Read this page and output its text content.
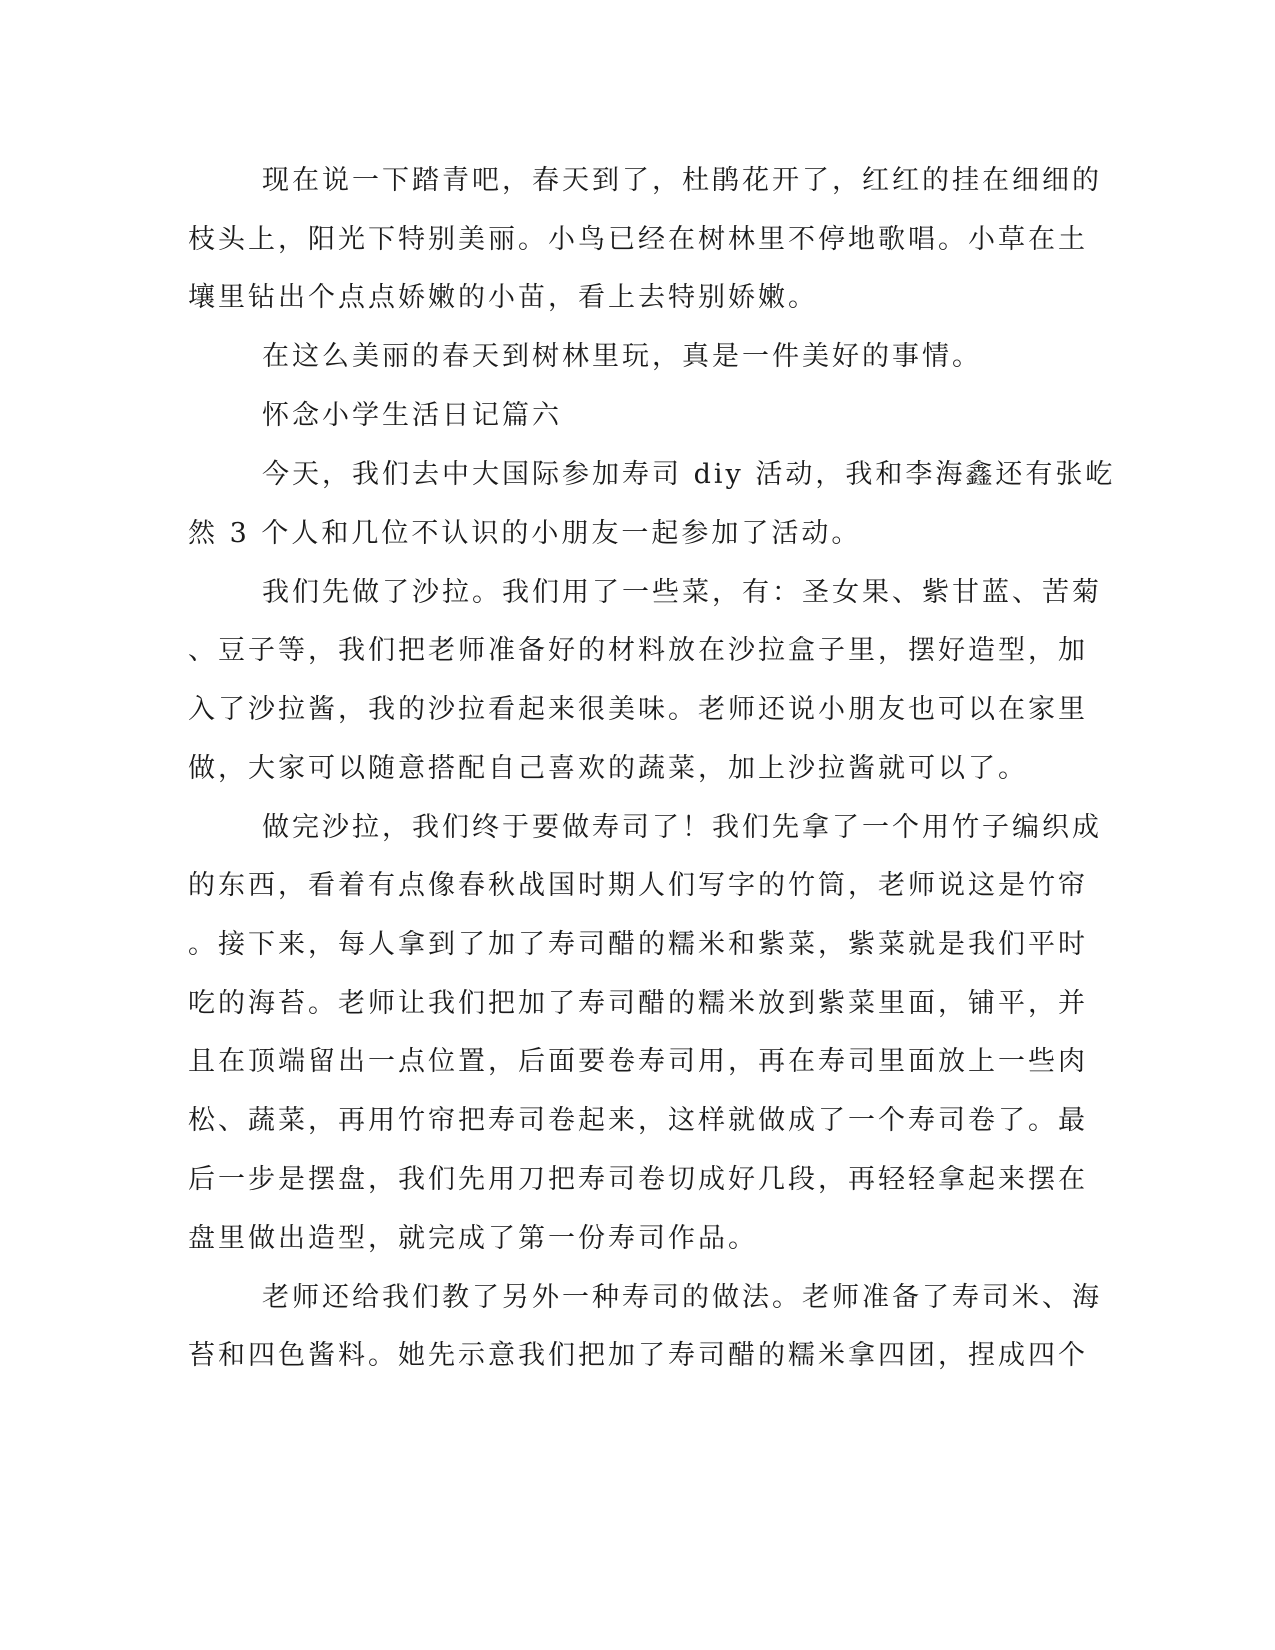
现在说一下踏青吧，春天到了，杜鹃花开了，红红的挂在细细的
枝头上，阳光下特别美丽。小鸟已经在树林里不停地歌唱。小草在土
壤里钻出个点点娇嫩的小苗，看上去特别娇嫩。
在这么美丽的春天到树林里玩，真是一件美好的事情。
怀念小学生活日记篇六
今天，我们去中大国际参加寿司 diy 活动，我和李海鑫还有张屹
然 3 个人和几位不认识的小朋友一起参加了活动。
我们先做了沙拉。我们用了一些菜，有：圣女果、紫甘蓝、苦菊
、豆子等，我们把老师准备好的材料放在沙拉盒子里，摆好造型，加
入了沙拉酱，我的沙拉看起来很美味。老师还说小朋友也可以在家里
做，大家可以随意搭配自己喜欢的蔬菜，加上沙拉酱就可以了。
做完沙拉，我们终于要做寿司了！我们先拿了一个用竹子编织成
的东西，看着有点像春秋战国时期人们写字的竹筒，老师说这是竹帘
。接下来，每人拿到了加了寿司醋的糯米和紫菜，紫菜就是我们平时
吃的海苔。老师让我们把加了寿司醋的糯米放到紫菜里面，铺平，并
且在顶端留出一点位置，后面要卷寿司用，再在寿司里面放上一些肉
松、蔬菜，再用竹帘把寿司卷起来，这样就做成了一个寿司卷了。最
后一步是摆盘，我们先用刀把寿司卷切成好几段，再轻轻拿起来摆在
盘里做出造型，就完成了第一份寿司作品。
老师还给我们教了另外一种寿司的做法。老师准备了寿司米、海
苔和四色酱料。她先示意我们把加了寿司醋的糯米拿四团，捏成四个
